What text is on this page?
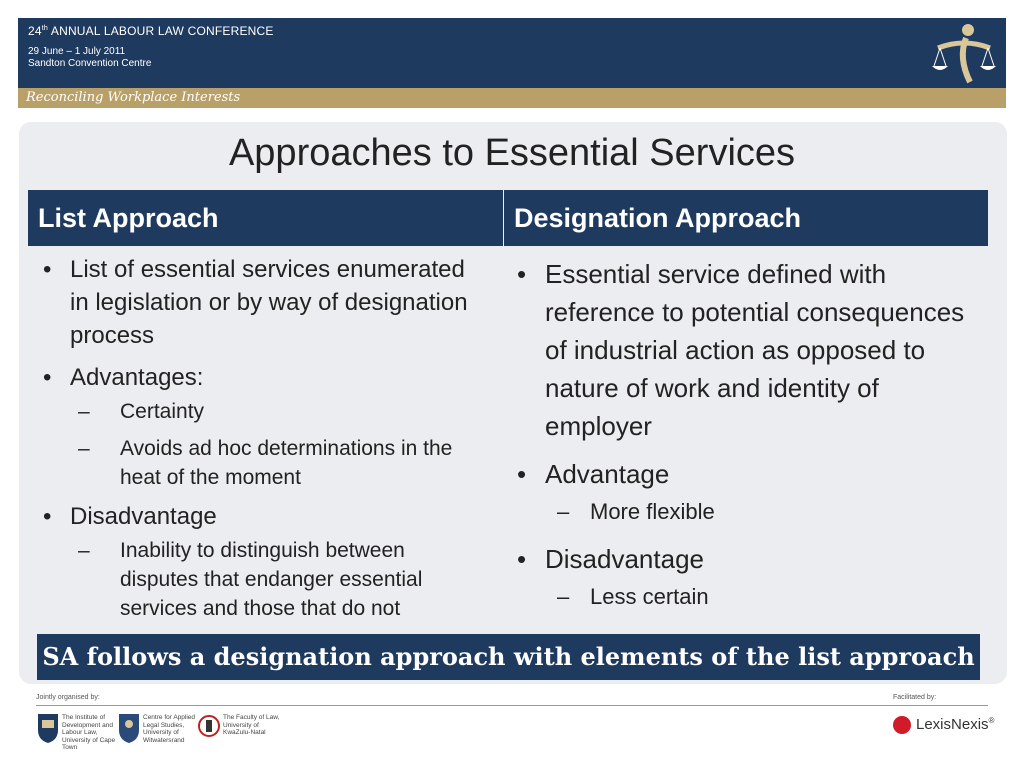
24th ANNUAL LABOUR LAW CONFERENCE
29 June – 1 July 2011
Sandton Convention Centre
Reconciling Workplace Interests
Approaches to Essential Services
List Approach	Designation Approach
• List of essential services enumerated in legislation or by way of designation process
• Advantages:
– Certainty
– Avoids ad hoc determinations in the heat of the moment
• Disadvantage
– Inability to distinguish between disputes that endanger essential services and those that do not
• Essential service defined with reference to potential consequences of industrial action as opposed to nature of work and identity of employer
• Advantage
– More flexible
• Disadvantage
– Less certain
SA follows a designation approach with elements of the list approach
Jointly organised by:	Facilitated by:
The Institute of Development and Labour Law, University of Cape Town
Centre for Applied Legal Studies, University of Witwatersrand
The Faculty of Law, University of KwaZulu-Natal	LexisNexis®
